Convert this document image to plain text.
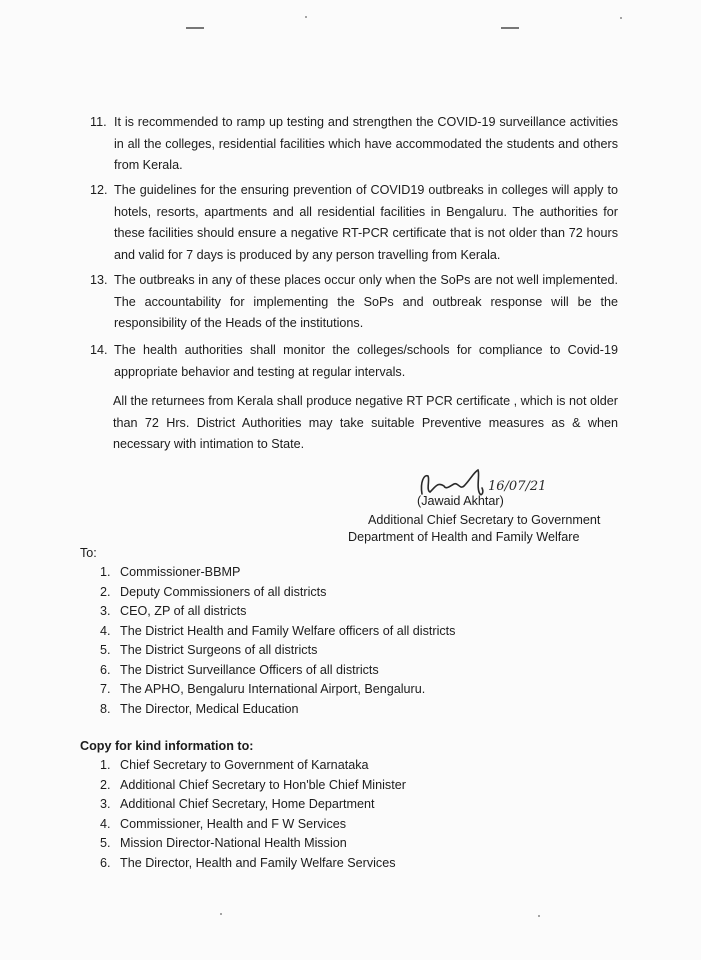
11. It is recommended to ramp up testing and strengthen the COVID-19 surveillance activities in all the colleges, residential facilities which have accommodated the students and others from Kerala.
12. The guidelines for the ensuring prevention of COVID19 outbreaks in colleges will apply to hotels, resorts, apartments and all residential facilities in Bengaluru. The authorities for these facilities should ensure a negative RT-PCR certificate that is not older than 72 hours and valid for 7 days is produced by any person travelling from Kerala.
13. The outbreaks in any of these places occur only when the SoPs are not well implemented. The accountability for implementing the SoPs and outbreak response will be the responsibility of the Heads of the institutions.
14. The health authorities shall monitor the colleges/schools for compliance to Covid-19 appropriate behavior and testing at regular intervals.
All the returnees from Kerala shall produce negative RT PCR certificate , which is not older than 72 Hrs. District Authorities may take suitable Preventive measures as & when necessary with intimation to State.
16/07/21
(Jawaid Akhtar)
Additional Chief Secretary to Government
Department of Health and Family Welfare
To:
1. Commissioner-BBMP
2. Deputy Commissioners of all districts
3. CEO, ZP of all districts
4. The District Health and Family Welfare officers of all districts
5. The District Surgeons of all districts
6. The District Surveillance Officers of all districts
7. The APHO, Bengaluru International Airport, Bengaluru.
8. The Director, Medical Education
Copy for kind information to:
1. Chief Secretary to Government of Karnataka
2. Additional Chief Secretary to Hon'ble Chief Minister
3. Additional Chief Secretary, Home Department
4. Commissioner, Health and F W Services
5. Mission Director-National Health Mission
6. The Director, Health and Family Welfare Services
